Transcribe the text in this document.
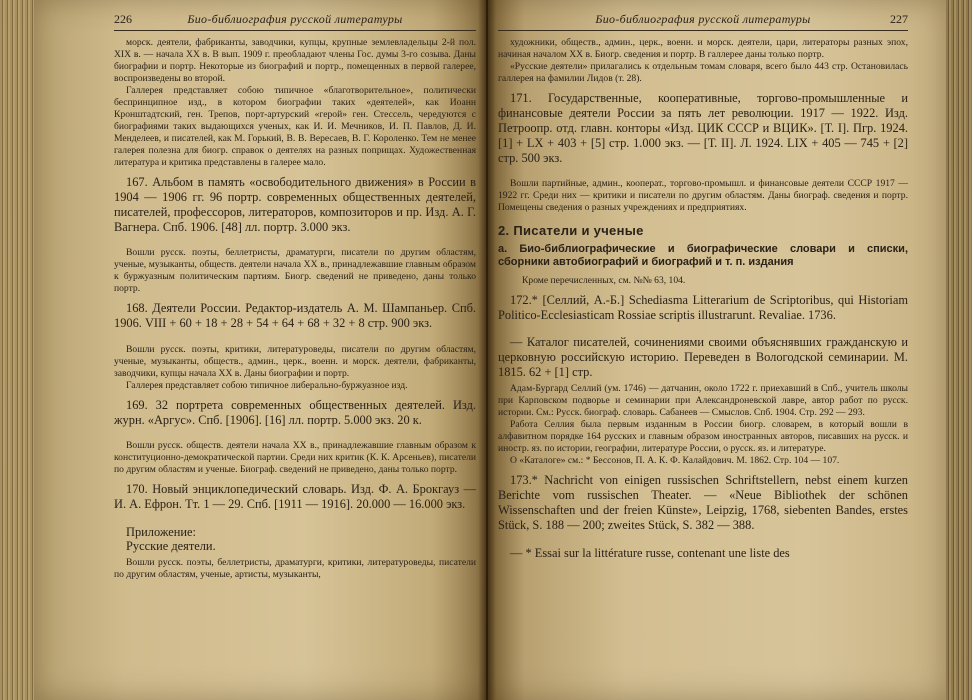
226	Био-библиография русской литературы

морск. деятели, фабриканты, заводчики, купцы, крупные землевладельцы 2-й пол. XIX в. — начала XX в. В вып. 1909 г. преобладают члены Гос. думы 3-го созыва. Даны биографии и портр. Некоторые из биографий и портр., помещенных в первой галерее, воспроизведены во второй.

Галлерея представляет собою типичное «благотворительное», политически беспринципное изд., в котором биографии таких «деятелей», как Иоанн Кронштадтский, ген. Трепов, порт-артурский «герой» ген. Стессель, чередуются с биографиями таких выдающихся ученых, как И. И. Мечников, И. П. Павлов, Д. И. Менделеев, и писателей, как М. Горький, В. В. Вересаев, В. Г. Короленко. Тем не менее галерея полезна для биогр. справок о деятелях на разных поприщах. Художественная литература и критика представлены в галерее мало.

167. Альбом в память «освободительного движения» в России в 1904 — 1906 гг. 96 портр. современных общественных деятелей, писателей, профессоров, литераторов, композиторов и пр. Изд. А. Г. Вагнера. Спб. 1906. [48] лл. портр. 3.000 экз.

Вошли русск. поэты, беллетристы, драматурги, писатели по другим областям, ученые, музыканты, обществ. деятели начала XX в., принадлежавшие главным образом к буржуазным политическим партиям. Биогр. сведений не приведено, даны только портр.

168. Деятели России. Редактор-издатель А. М. Шампаньер. Спб. 1906. VIII + 60 + 18 + 28 + 54 + 64 + 68 + 32 + 8 стр. 900 экз.

Вошли русск. поэты, критики, литературоведы, писатели по другим областям, ученые, музыканты, обществ., админ., церк., военн. и морск. деятели, фабриканты, заводчики, купцы начала XX в. Даны биографии и портр.

Галлерея представляет собою типичное либерально-буржуазное изд.

169. 32 портрета современных общественных деятелей. Изд. журн. «Аргус». Спб. [1906]. [16] лл. портр. 5.000 экз. 20 к.

Вошли русск. обществ. деятели начала XX в., принадлежавшие главным образом к конституционно-демократической партии. Среди них критик (К. К. Арсеньев), писатели по другим областям и ученые. Биограф. сведений не приведено, даны только портр.

170. Новый энциклопедический словарь. Изд. Ф. А. Брокгауз — И. А. Ефрон. Тт. 1 — 29. Спб. [1911 — 1916]. 20.000 — 16.000 экз.

Приложение:

Русские деятели.

Вошли русск. поэты, беллетристы, драматурги, критики, литературоведы, писатели по другим областям, ученые, артисты, музыканты,

Био-библиография русской литературы	227

художники, обществ., админ., церк., военн. и морск. деятели, цари, литераторы разных эпох, начиная началом XX в. Биогр. сведения и портр. В галлерее даны только портр.

«Русские деятели» прилагались к отдельным томам словаря, всего было 443 стр. Остановилась галлерея на фамилии Лидов (т. 28).

171. Государственные, кооперативные, торгово-промышленные и финансовые деятели России за пять лет революции. 1917 — 1922. Изд. Петроопр. отд. главн. конторы «Изд. ЦИК СССР и ВЦИК». [Т. I]. Пгр. 1924. [1] + LX + 403 + [5] стр. 1.000 экз. — [Т. II]. Л. 1924. LIX + 405 — 745 + [2] стр. 500 экз.

Вошли партийные, админ., кооперат., торгово-промышл. и финансовые деятели СССР 1917 — 1922 гг. Среди них — критики и писатели по другим областям. Даны биограф. сведения и портр. Помещены сведения о разных учреждениях и предприятиях.

2. Писатели и ученые
а. Био-библиографические и биографические словари и списки, сборники автобиографий и биографий и т. п. издания

Кроме перечисленных, см. №№ 63, 104.

172.* [Селлий, А.-Б.] Schediasma Litterarium de Scriptoribus, qui Historiam Politico-Ecclesiasticam Rossiae scriptis illustrarunt. Revaliae. 1736.

— Каталог писателей, сочинениями своими объяснявших гражданскую и церковную российскую историю. Переведен в Вологодской семинарии. М. 1815. 62 + [1] стр.

Адам-Бургард Селлий (ум. 1746) — датчанин, около 1722 г. приехавший в Спб., учитель школы при Карповском подворье и семинарии при Александроневской лавре, автор работ по русск. истории. См.: Русск. биограф. словарь. Сабанеев — Смыслов. Спб. 1904. Стр. 292 — 293.

Работа Селлия была первым изданным в России биогр. словарем, в который вошли в алфавитном порядке 164 русских и главным образом иностранных авторов, писавших на русск. и иностр. яз. по истории, географии, литературе России, о русск. яз. и литературе.

О «Каталоге» см.: * Бессонов, П. А. К. Ф. Калайдович. М. 1862. Стр. 104 — 107.

173.* Nachricht von einigen russischen Schriftstellern, nebst einem kurzen Berichte vom russischen Theater. — «Neue Bibliothek der schönen Wissenschaften und der freien Künste», Leipzig, 1768, siebenten Bandes, erstes Stück, S. 188 — 200; zweites Stück, S. 382 — 388.

— * Essai sur la littérature russe, contenant une liste des
